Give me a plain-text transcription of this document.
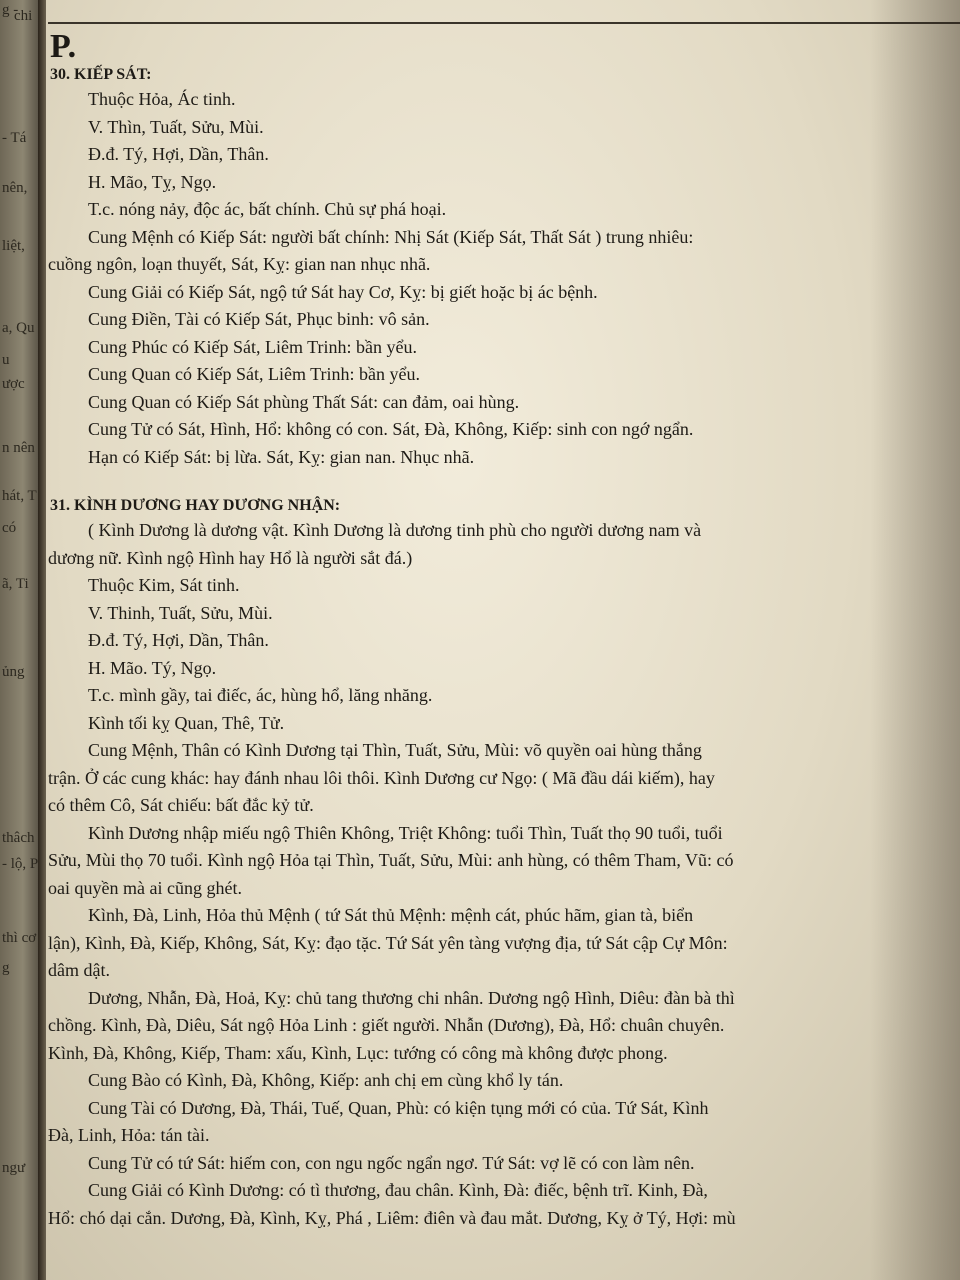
g -
chi
- Tá
nên,
liệt,
a, Qu
u
ược
n nên
hát, T
có
ã, Ti
ủng
thâch
- lộ, P
thì cơ
g
ngư
P.
30. KIẾP SÁT:
Thuộc Hỏa, Ác tinh.
V. Thìn, Tuất, Sửu, Mùi.
Đ.đ. Tý, Hợi, Dần, Thân.
H. Mão, Tỵ, Ngọ.
T.c. nóng nảy, độc ác, bất chính. Chủ sự phá hoại.
Cung Mệnh có Kiếp Sát: người bất chính: Nhị Sát (Kiếp Sát, Thất Sát ) trung nhiêu:
cuồng ngôn, loạn thuyết, Sát, Kỵ: gian nan nhục nhã.
Cung Giải có Kiếp Sát, ngộ tứ Sát hay Cơ, Kỵ: bị giết hoặc bị ác bệnh.
Cung Điền, Tài có Kiếp Sát, Phục binh: vô sản.
Cung Phúc có Kiếp Sát, Liêm Trinh: bần yểu.
Cung Quan có Kiếp Sát, Liêm Trinh: bần yểu.
Cung Quan có Kiếp Sát phùng Thất Sát: can đảm, oai hùng.
Cung Tử có Sát, Hình, Hổ: không có con. Sát, Đà, Không, Kiếp: sinh con ngớ ngẩn.
Hạn có Kiếp Sát: bị lừa. Sát, Kỵ: gian nan. Nhục nhã.
31. KÌNH DƯƠNG HAY DƯƠNG NHẬN:
( Kình Dương là dương vật. Kình Dương là dương tinh phù cho người dương nam và
dương nữ. Kình ngộ Hình hay Hổ là người sắt đá.)
Thuộc Kim, Sát tinh.
V. Thinh, Tuất, Sửu, Mùi.
Đ.đ. Tý, Hợi, Dần, Thân.
H. Mão. Tý, Ngọ.
T.c. mình gầy, tai điếc, ác, hùng hổ, lăng nhăng.
Kình tối kỵ Quan, Thê, Tử.
Cung Mệnh, Thân có Kình Dương tại Thìn, Tuất, Sửu, Mùi: võ quyền oai hùng thắng
trận. Ở các cung khác: hay đánh nhau lôi thôi. Kình Dương cư Ngọ: ( Mã đầu dái kiếm), hay
có thêm Cô, Sát chiếu: bất đắc kỷ tử.
Kình Dương nhập miếu ngộ Thiên Không, Triệt Không: tuổi Thìn, Tuất thọ 90 tuổi, tuổi
Sửu, Mùi thọ 70 tuổi. Kình ngộ Hỏa tại Thìn, Tuất, Sửu, Mùi: anh hùng, có thêm Tham, Vũ: có
oai quyền mà ai cũng ghét.
Kình, Đà, Linh, Hỏa thủ Mệnh ( tứ Sát thủ Mệnh: mệnh cát, phúc hãm, gian tà, biển
lận), Kình, Đà, Kiếp, Không, Sát, Kỵ: đạo tặc. Tứ Sát yên tàng vượng địa, tứ Sát cập Cự Môn:
dâm dật.
Dương, Nhẫn, Đà, Hoả, Kỵ: chủ tang thương chi nhân. Dương ngộ Hình, Diêu: đàn bà thì
chồng. Kình, Đà, Diêu, Sát ngộ Hỏa Linh : giết người. Nhẫn (Dương), Đà, Hổ: chuân chuyên.
Kình, Đà, Không, Kiếp, Tham: xấu, Kình, Lục: tướng có công mà không được phong.
Cung Bào có Kình, Đà, Không, Kiếp: anh chị em cùng khổ ly tán.
Cung Tài có Dương, Đà, Thái, Tuế, Quan, Phù: có kiện tụng mới có của. Tứ Sát, Kình
Đà, Linh, Hỏa: tán tài.
Cung Tử có tứ Sát: hiếm con, con ngu ngốc ngẩn ngơ. Tứ Sát: vợ lẽ có con làm nên.
Cung Giải có Kình Dương: có tì thương, đau chân. Kình, Đà: điếc, bệnh trĩ. Kinh, Đà,
Hổ: chó dại cắn. Dương, Đà, Kình, Kỵ, Phá , Liêm: điên và đau mắt. Dương, Kỵ ở Tý, Hợi: mù
